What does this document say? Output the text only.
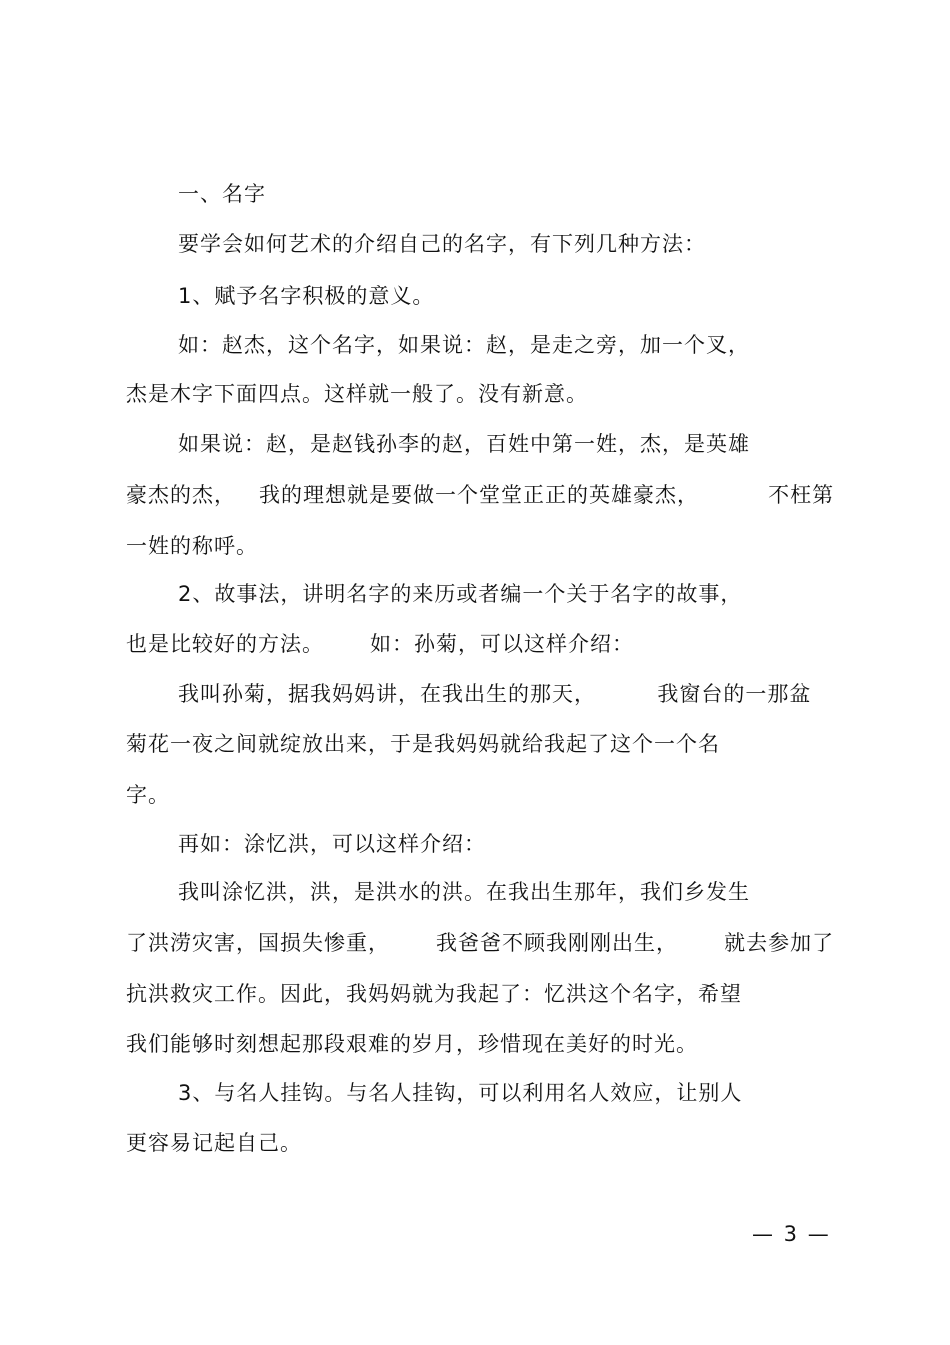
一、名字
要学会如何艺术的介绍自己的名字，有下列几种方法：
1、赋予名字积极的意义。
如：赵杰，这个名字，如果说：赵，是走之旁，加一个叉，
杰是木字下面四点。这样就一般了。没有新意。
如果说：赵，是赵钱孙李的赵，百姓中第一姓，杰，是英雄
豪杰的杰，   我的理想就是要做一个堂堂正正的英雄豪杰，         不枉第
一姓的称呼。
2、故事法，讲明名字的来历或者编一个关于名字的故事，
也是比较好的方法。      如：孙菊，可以这样介绍：
我叫孙菊，据我妈妈讲，在我出生的那天，        我窗台的一那盆
菊花一夜之间就绽放出来，于是我妈妈就给我起了这个一个名
字。
再如：涂忆洪，可以这样介绍：
我叫涂忆洪，洪，是洪水的洪。在我出生那年，我们乡发生
了洪涝灾害，国损失惨重，      我爸爸不顾我刚刚出生，      就去参加了
抗洪救灾工作。因此，我妈妈就为我起了：忆洪这个名字，希望
我们能够时刻想起那段艰难的岁月，珍惜现在美好的时光。
3、与名人挂钩。与名人挂钩，可以利用名人效应，让别人
更容易记起自己。
— 3 —
